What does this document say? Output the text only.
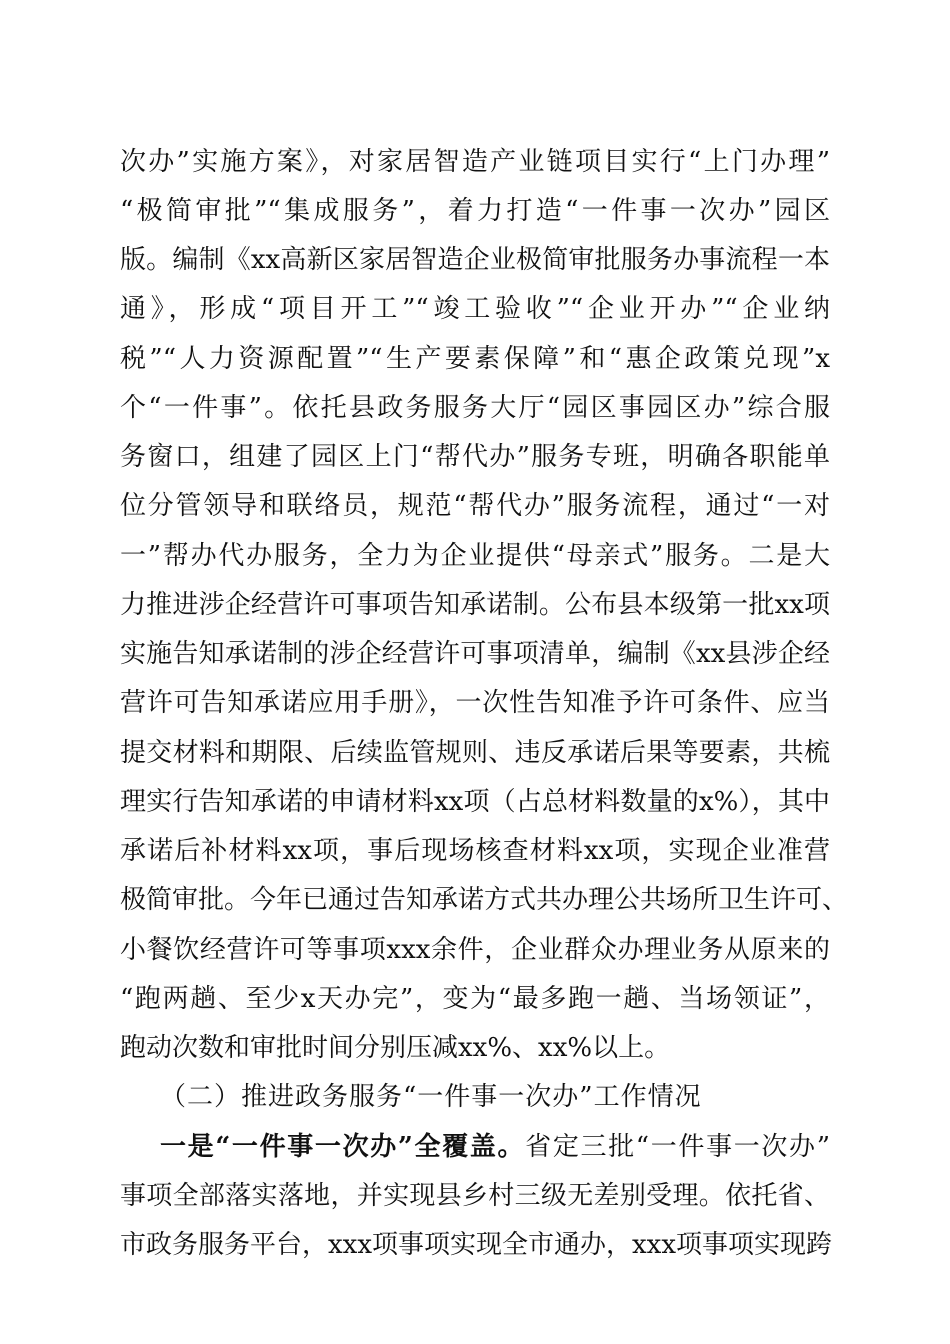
次办”实施方案》，对家居智造产业链项目实行“上门办理”
“极简审批”“集成服务”，着力打造“一件事一次办”园区
版。编制《xx高新区家居智造企业极简审批服务办事流程一本
通》，形成“项目开工”“竣工验收”“企业开办”“企业纳
税”“人力资源配置”“生产要素保障”和“惠企政策兑现”x
个“一件事”。依托县政务服务大厅“园区事园区办”综合服
务窗口，组建了园区上门“帮代办”服务专班，明确各职能单
位分管领导和联络员，规范“帮代办”服务流程，通过“一对
一”帮办代办服务，全力为企业提供“母亲式”服务。二是大
力推进涉企经营许可事项告知承诺制。公布县本级第一批xx项
实施告知承诺制的涉企经营许可事项清单，编制《xx县涉企经
营许可告知承诺应用手册》，一次性告知准予许可条件、应当
提交材料和期限、后续监管规则、违反承诺后果等要素，共梳
理实行告知承诺的申请材料xx项（占总材料数量的x%），其中
承诺后补材料xx项，事后现场核查材料xx项，实现企业准营
极简审批。今年已通过告知承诺方式共办理公共场所卫生许可、
小餐饮经营许可等事项xxx余件，企业群众办理业务从原来的
“跑两趟、至少x天办完”，变为“最多跑一趟、当场领证”，
跑动次数和审批时间分别压减xx%、xx%以上。
（二）推进政务服务“一件事一次办”工作情况
一是“一件事一次办”全覆盖。省定三批“一件事一次办”
事项全部落实落地，并实现县乡村三级无差别受理。依托省、
市政务服务平台，xxx项事项实现全市通办，xxx项事项实现跨
